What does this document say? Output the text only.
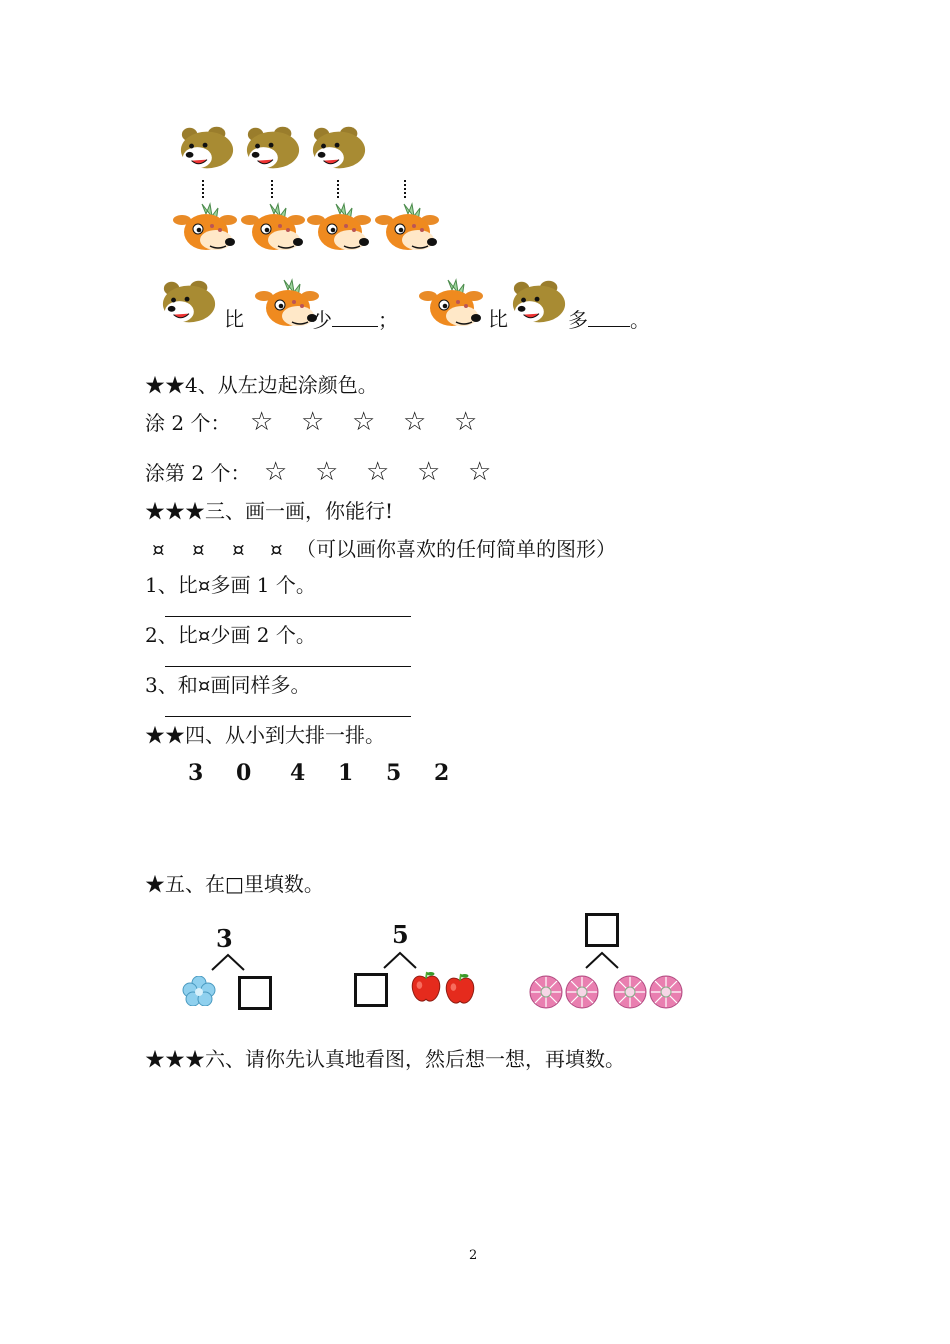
比	少 ；	比	多 。
★★4、从左边起涂颜色。
涂 2 个： ☆ ☆ ☆ ☆ ☆
涂第 2 个： ☆ ☆ ☆ ☆ ☆
★★★三、画一画，你能行!
¤ ¤ ¤ ¤ （可以画你喜欢的任何简单的图形）
1、比¤多画 1 个。
2、比¤少画 2 个。
3、和¤画同样多。
★★四、从小到大排一排。
3 0 4 1 5 2
★五、在□里填数。
3	5
★★★六、请你先认真地看图，然后想一想，再填数。
2
